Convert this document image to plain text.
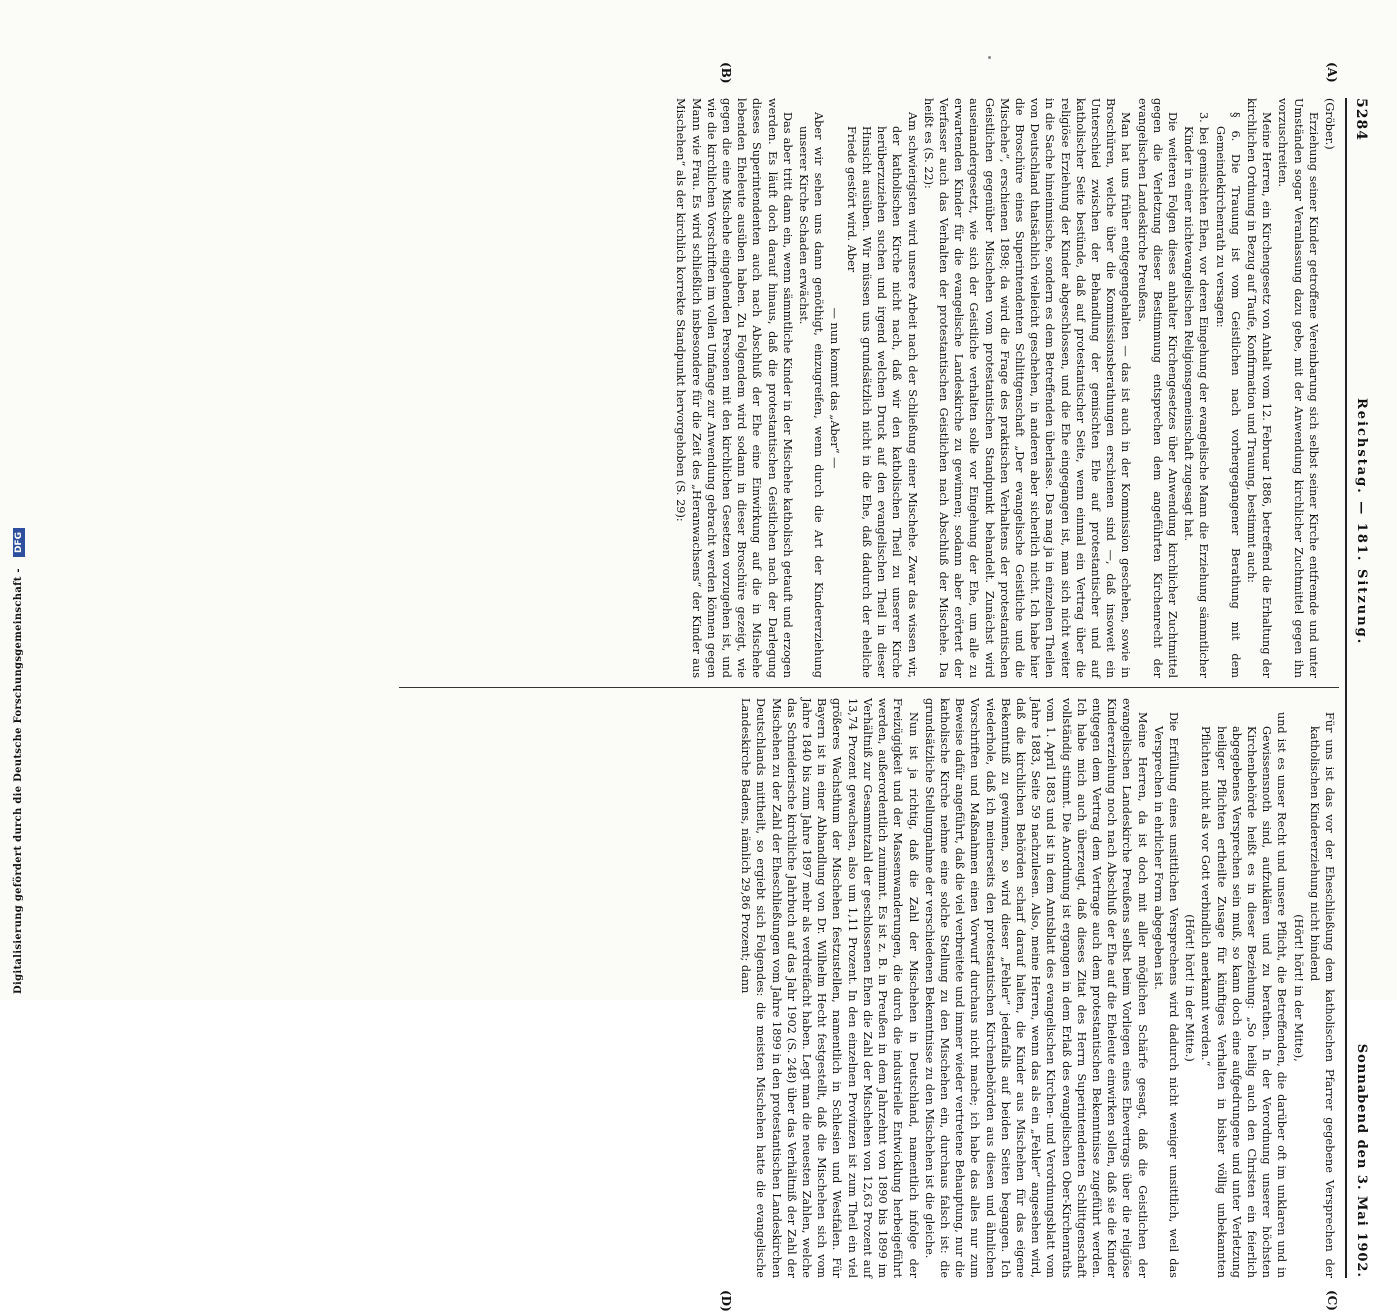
5284
Reichstag. — 181. Sitzung.
Sonnabend den 3. Mai 1902.
(A)
(B)
(C)
(D)

(Gröber.)

Erziehung seiner Kinder getroffene Vereinbarung sich selbst seiner Kirche entfremde und unter Umständen sogar Veranlassung dazu gebe, mit der Anwendung kirchlicher Zuchtmittel gegen ihn vorzuschreiten.

Meine Herren, ein Kirchengesetz von Anhalt vom 12. Februar 1886, betreffend die Erhaltung der kirchlichen Ordnung in Bezug auf Taufe, Konfirmation und Trauung, bestimmt auch:

§ 6. Die Trauung ist vom Geistlichen nach vorhergegangener Berathung mit dem Gemeindekirchenrath zu versagen:

3. bei gemischten Ehen, vor deren Eingehung der evangelische Mann die Erziehung sämmtlicher Kinder in einer nichtevangelischen Religionsgemeinschaft zugesagt hat.

Die weiteren Folgen dieses anhalter Kirchengesetzes über Anwendung kirchlicher Zuchtmittel gegen die Verletzung dieser Bestimmung entsprechen dem angeführten Kirchenrecht der evangelischen Landeskirche Preußens.

Man hat uns früher entgegengehalten — das ist auch in der Kommission geschehen, sowie in Broschüren, welche über die Kommissionsberathungen erschienen sind —, daß insoweit ein Unterschied zwischen der Behandlung der gemischten Ehe auf protestantischer und auf katholischer Seite bestünde, daß auf protestantischer Seite, wenn einmal ein Vertrag über die religiöse Erziehung der Kinder abgeschlossen, und die Ehe eingegangen ist, man sich nicht weiter in die Sache hineinmische, sondern es dem Betreffenden überlasse. Das mag ja in einzelnen Theilen von Deutschland thatsächlich vielleicht geschehen, in anderen aber sicherlich nicht. Ich habe hier die Broschüre eines Superintendenten Schlittgenschaft „Der evangelische Geistliche und die Mischehe“, erschienen 1898; da wird die Frage des praktischen Verhaltens der protestantischen Geistlichen gegenüber Mischehen vom protestantischen Standpunkt behandelt. Zunächst wird auseinandergesetzt, wie sich der Geistliche verhalten solle vor Eingehung der Ehe, um alle zu erwartenden Kinder für die evangelische Landeskirche zu gewinnen; sodann aber erörtert der Verfasser auch das Verhalten der protestantischen Geistlichen nach Abschluß der Mischehe. Da heißt es (S. 22):

Am schwierigsten wird unsere Arbeit nach der Schließung einer Mischehe. Zwar das wissen wir, der katholischen Kirche nicht nach, daß wir den katholischen Theil zu unserer Kirche herüberzuziehen suchen und irgend welchen Druck auf den evangelischen Theil in dieser Hinsicht ausüben. Wir müssen uns grundsätzlich nicht in die Ehe, daß dadurch der eheliche Friede gestört wird. Aber

— nun kommt das „Aber“ —

Aber wir sehen uns dann genöthigt, einzugreifen, wenn durch die Art der Kindererziehung unserer Kirche Schaden erwächst.

Das aber tritt dann ein, wenn sämmtliche Kinder in der Mischehe katholisch getauft und erzogen werden. Es läuft doch darauf hinaus, daß die protestantischen Geistlichen nach der Darlegung dieses Superintendenten auch nach Abschluß der Ehe eine Einwirkung auf die in Mischehe lebenden Eheleute ausüben haben. Zu Folgendem wird sodann in dieser Broschüre gezeigt, wie gegen die eine Mischehe eingehenden Personen mit den kirchlichen Gesetzen vorzugehen ist, und wie die kirchlichen Vorschriften im vollen Umfange zur Anwendung gebracht werden können gegen Mann wie Frau. Es wird schließlich insbesondere für die Zeit des „Heranwachsens“ der Kinder aus Mischehen“ als der kirchlich korrekte Standpunkt hervorgehoben (S. 29):

Für uns ist das vor der Eheschließung dem katholischen Pfarrer gegebene Versprechen der katholischen Kindererziehung nicht bindend

(Hört! hört! in der Mitte),

und ist es unser Recht und unsere Pflicht, die Betreffenden, die darüber oft im unklaren und in Gewissensnoth sind, aufzuklären und zu berathen. In der Verordnung unserer höchsten Kirchenbehörde heißt es in dieser Beziehung: „So heilig auch den Christen ein feierlich abgegebenes Versprechen sein muß, so kann doch eine aufgedrungene und unter Verletzung heiliger Pflichten ertheilte Zusage für künftiges Verhalten in bisher völlig unbekannten Pflichten nicht als vor Gott verbindlich anerkannt werden.“

(Hört! hört! in der Mitte.)

Die Erfüllung eines unsittlichen Versprechens wird dadurch nicht weniger unsittlich, weil das Versprechen in ehrlicher Form abgegeben ist.

Meine Herren, da ist doch mit aller möglichen Schärfe gesagt, daß die Geistlichen der evangelischen Landeskirche Preußens selbst beim Vorliegen eines Ehevertrags über die religiöse Kindererziehung noch nach Abschluß der Ehe auf die Eheleute einwirken sollen, daß sie die Kinder entgegen dem Vertrag dem Vertrage auch dem protestantischen Bekenntnisse zugeführt werden. Ich habe mich auch überzeugt, daß dieses Zitat des Herrn Superintendenten Schlittgenschaft vollständig stimmt. Die Anordnung ist ergangen in dem Erlaß des evangelischen Ober-Kirchenraths vom 1. April 1883 und ist in dem Amtsblatt des evangelischen Kirchen- und Verordnungsblatt vom Jahre 1883, Seite 59 nachzulesen. Also, meine Herren, wenn das als ein „Fehler“ angesehen wird, daß die kirchlichen Behörden scharf darauf halten, die Kinder aus Mischehen für das eigene Bekenntniß zu gewinnen, so wird dieser „Fehler“ jedenfalls auf beiden Seiten begangen. Ich wiederhole, daß ich meinerseits den protestantischen Kirchenbehörden aus diesen und ähnlichen Vorschriften und Maßnahmen einen Vorwurf durchaus nicht mache; ich habe das alles nur zum Beweise dafür angeführt, daß die viel verbreitete und immer wieder vertretene Behauptung, nur die katholische Kirche nehme eine solche Stellung zu den Mischehen ein, durchaus falsch ist: die grundsätzliche Stellungnahme der verschiedenen Bekenntnisse zu den Mischehen ist die gleiche.

Nun ist ja richtig, daß die Zahl der Mischehen in Deutschland, namentlich infolge der Freizügigkeit und der Massenwanderungen, die durch die industrielle Entwicklung herbeigeführt werden, außerordentlich zunimmt. Es ist z. B. in Preußen in dem Jahrzehnt von 1890 bis 1899 im Verhältniß zur Gesammtzahl der geschlossenen Ehen die Zahl der Mischehen von 12,63 Prozent auf 13,74 Prozent gewachsen, also um 1,11 Prozent. In den einzelnen Provinzen ist zum Theil ein viel größeres Wachsthum der Mischehen festzustellen, namentlich in Schlesien und Westfalen. Für Bayern ist in einer Abhandlung von Dr. Wilhelm Hecht festgestellt, daß die Mischehen sich vom Jahre 1840 bis zum Jahre 1897 mehr als verdreifacht haben. Legt man die neuesten Zahlen, welche das Schneiderische kirchliche Jahrbuch auf das Jahr 1902 (S. 248) über das Verhältniß der Zahl der Mischehen zu der Zahl der Eheschließungen vom Jahre 1899 in den protestantischen Landeskirchen Deutschlands mittheilt, so ergiebt sich Folgendes: die meisten Mischehen hatte die evangelische Landeskirche Badens, nämlich 29,86 Prozent; dann

Digitalisierung gefördert durch die Deutsche Forschungsgemeinschaft - DFG
